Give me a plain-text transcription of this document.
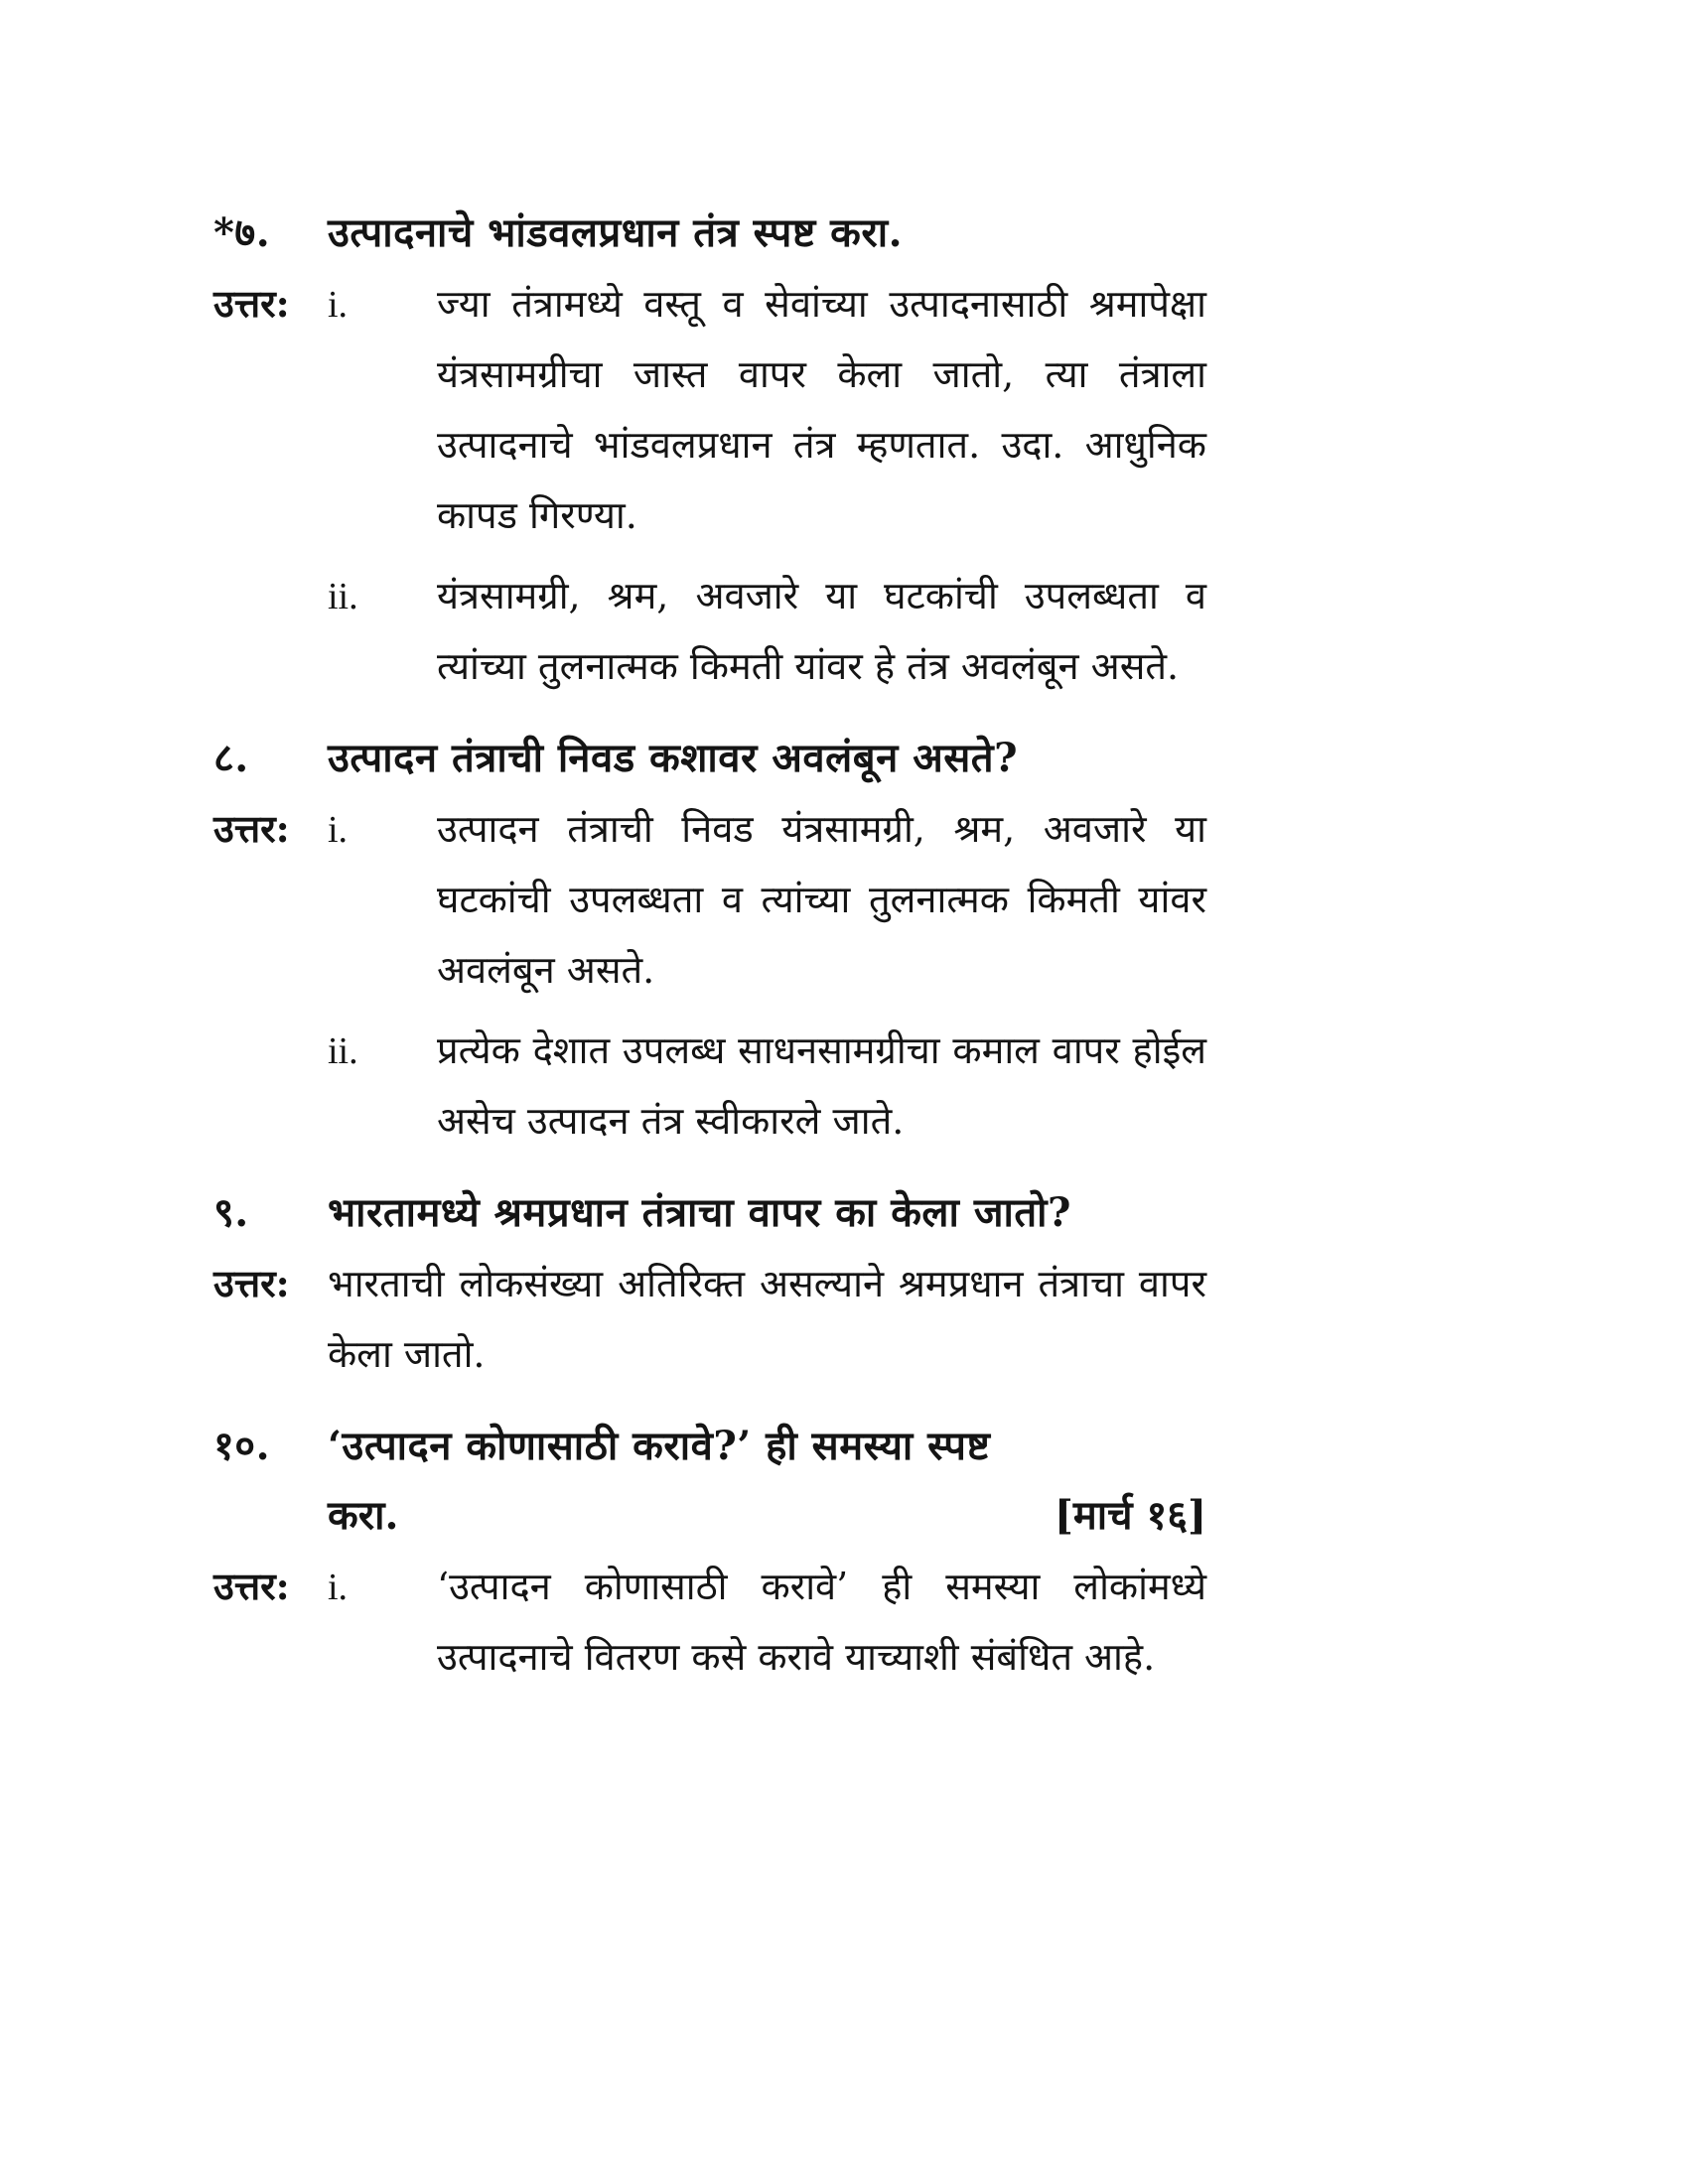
*७.	उत्पादनाचे भांडवलप्रधान तंत्र स्पष्ट करा.
उत्तर:	i.	ज्या तंत्रामध्ये वस्तू व सेवांच्या उत्पादनासाठी श्रमापेक्षा यंत्रसामग्रीचा जास्त वापर केला जातो, त्या तंत्राला उत्पादनाचे भांडवलप्रधान तंत्र म्हणतात. उदा. आधुनिक कापड गिरण्या.
ii.	यंत्रसामग्री, श्रम, अवजारे या घटकांची उपलब्धता व त्यांच्या तुलनात्मक किमती यांवर हे तंत्र अवलंबून असते.
८.	उत्पादन तंत्राची निवड कशावर अवलंबून असते?
उत्तर:	i.	उत्पादन तंत्राची निवड यंत्रसामग्री, श्रम, अवजारे या घटकांची उपलब्धता व त्यांच्या तुलनात्मक किमती यांवर अवलंबून असते.
ii.	प्रत्येक देशात उपलब्ध साधनसामग्रीचा कमाल वापर होईल असेच उत्पादन तंत्र स्वीकारले जाते.
९.	भारतामध्ये श्रमप्रधान तंत्राचा वापर का केला जातो?
उत्तर:	भारताची लोकसंख्या अतिरिक्त असल्याने श्रमप्रधान तंत्राचा वापर केला जातो.
१०.	‘उत्पादन कोणासाठी करावे?’ ही समस्या स्पष्ट
करा.	[मार्च १६]
उत्तर:	i.	‘उत्पादन कोणासाठी करावे’ ही समस्या लोकांमध्ये उत्पादनाचे वितरण कसे करावे याच्याशी संबंधित आहे.
